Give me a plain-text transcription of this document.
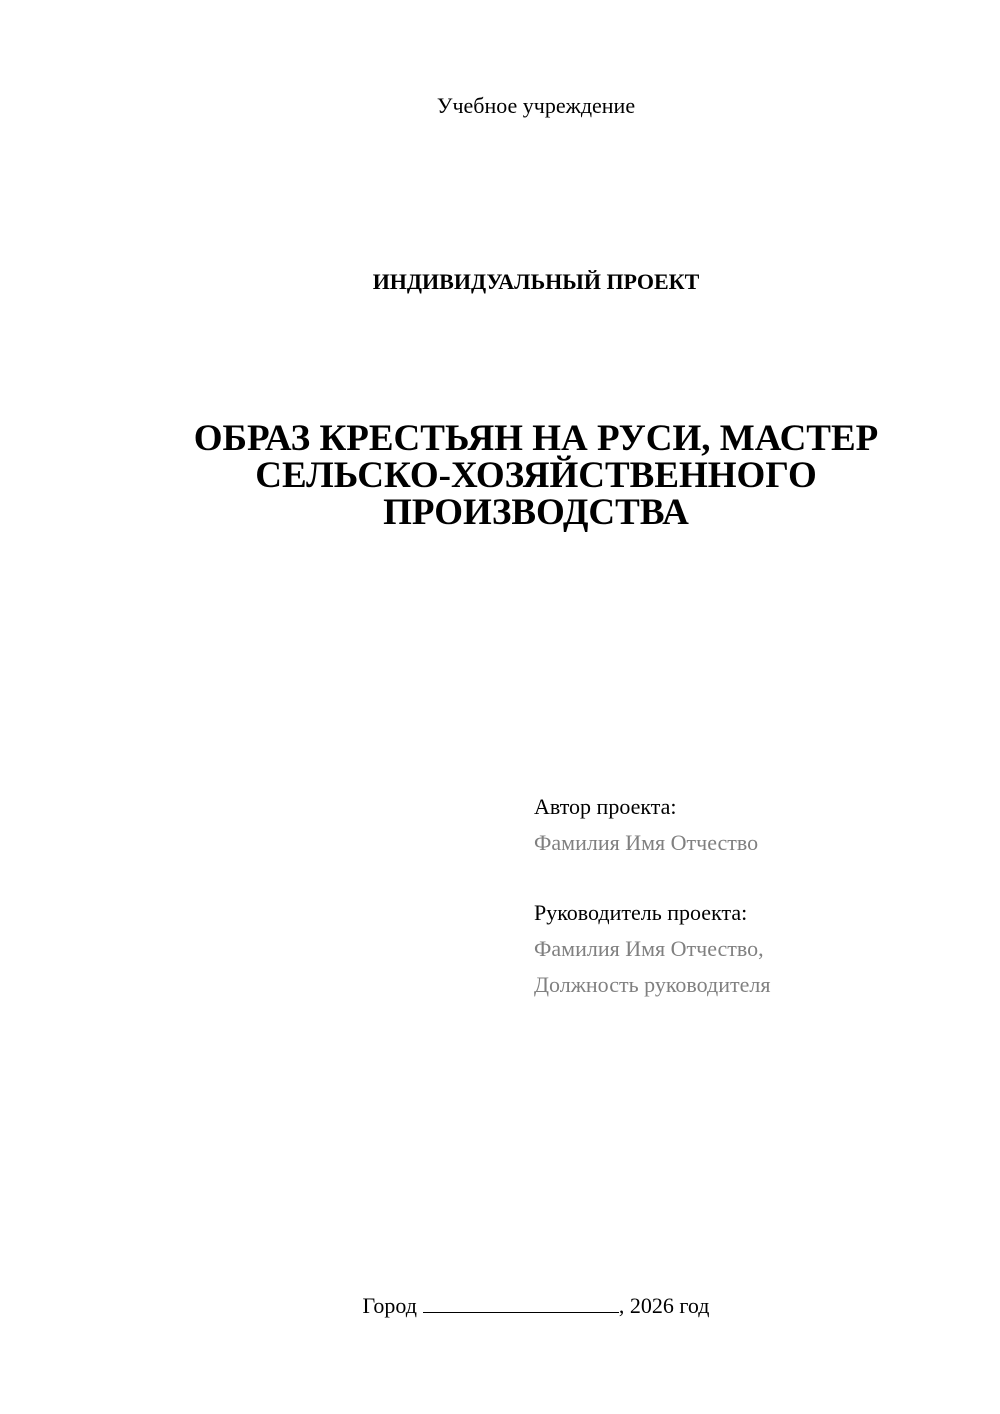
Учебное учреждение
ИНДИВИДУАЛЬНЫЙ ПРОЕКТ
ОБРАЗ КРЕСТЬЯН НА РУСИ, МАСТЕР
СЕЛЬСКО-ХОЗЯЙСТВЕННОГО
ПРОИЗВОДСТВА
Автор проекта:
Фамилия Имя Отчество
Руководитель проекта:
Фамилия Имя Отчество,
Должность руководителя
Город	, 2026 год
